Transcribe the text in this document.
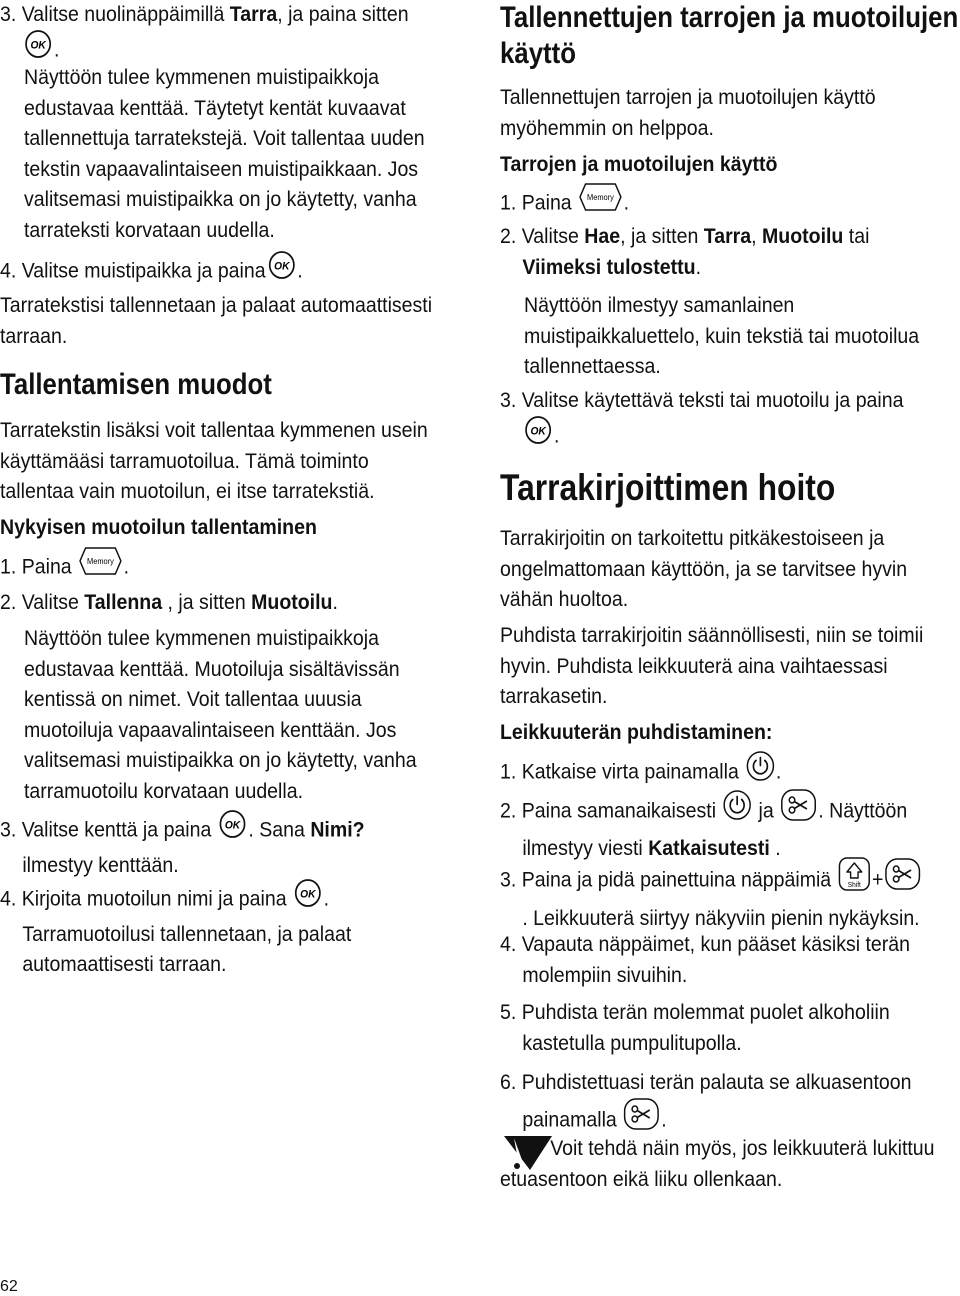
3. Valitse nuolinäppäimillä Tarra, ja paina sitten

OK .

Näyttöön tulee kymmenen muistipaikkoja

edustavaa kenttää. Täytetyt kentät kuvaavat

tallennettuja tarratekstejä. Voit tallentaa uuden

tekstin vapaavalintaiseen muistipaikkaan. Jos

valitsemasi muistipaikka on jo käytetty, vanha

tarrateksti korvataan uudella.

4. Valitse muistipaikka ja paina OK .

Tarratekstisi tallennetaan ja palaat automaattisesti

tarraan.

Tallentamisen muodot

Tarratekstin lisäksi voit tallentaa kymmenen usein

käyttämääsi tarramuotoilua. Tämä toiminto

tallentaa vain muotoilun, ei itse tarratekstiä.

Nykyisen muotoilun tallentaminen

1. Paina Memory .

2. Valitse Tallenna , ja sitten Muotoilu.

Näyttöön tulee kymmenen muistipaikkoja

edustavaa kenttää. Muotoiluja sisältävissän

kentissä on nimet. Voit tallentaa uuusia

muotoiluja vapaavalintaiseen kenttään. Jos

valitsemasi muistipaikka on jo käytetty, vanha

tarramuotoilu korvataan uudella.

3. Valitse kenttä ja paina OK . Sana Nimi?

ilmestyy kenttään.

4. Kirjoita muotoilun nimi ja paina OK .

Tarramuotoilusi tallennetaan, ja palaat

automaattisesti tarraan.

Tallennettujen tarrojen ja muotoilujen
käyttö

Tallennettujen tarrojen ja muotoilujen käyttö

myöhemmin on helppoa.

Tarrojen ja muotoilujen käyttö

1. Paina Memory .

2. Valitse Hae, ja sitten Tarra, Muotoilu tai

Viimeksi tulostettu.

Näyttöön ilmestyy samanlainen

muistipaikkaluettelo, kuin tekstiä tai muotoilua

tallennettaessa.

3. Valitse käytettävä teksti tai muotoilu ja paina

OK .

Tarrakirjoittimen hoito

Tarrakirjoitin on tarkoitettu pitkäkestoiseen ja

ongelmattomaan käyttöön, ja se tarvitsee hyvin

vähän huoltoa.

Puhdista tarrakirjoitin säännöllisesti, niin se toimii

hyvin. Puhdista leikkuuterä aina vaihtaessasi

tarrakasetin.

Leikkuuterän puhdistaminen:

1. Katkaise virta painamalla .

2. Paina samanaikaisesti ja . Näyttöön

ilmestyy viesti Katkaisutesti .

3. Paina ja pidä painettuina näppäimiä Shift +

. Leikkuuterä siirtyy näkyviin pienin nykäyksin.

4. Vapauta näppäimet, kun pääset käsiksi terän

molempiin sivuihin.

5. Puhdista terän molemmat puolet alkoholiin

kastetulla pumpulitupolla.

6. Puhdistettuasi terän palauta se alkuasentoon

painamalla .

Voit tehdä näin myös, jos leikkuuterä lukittuu

etuasentoon eikä liiku ollenkaan.

62
